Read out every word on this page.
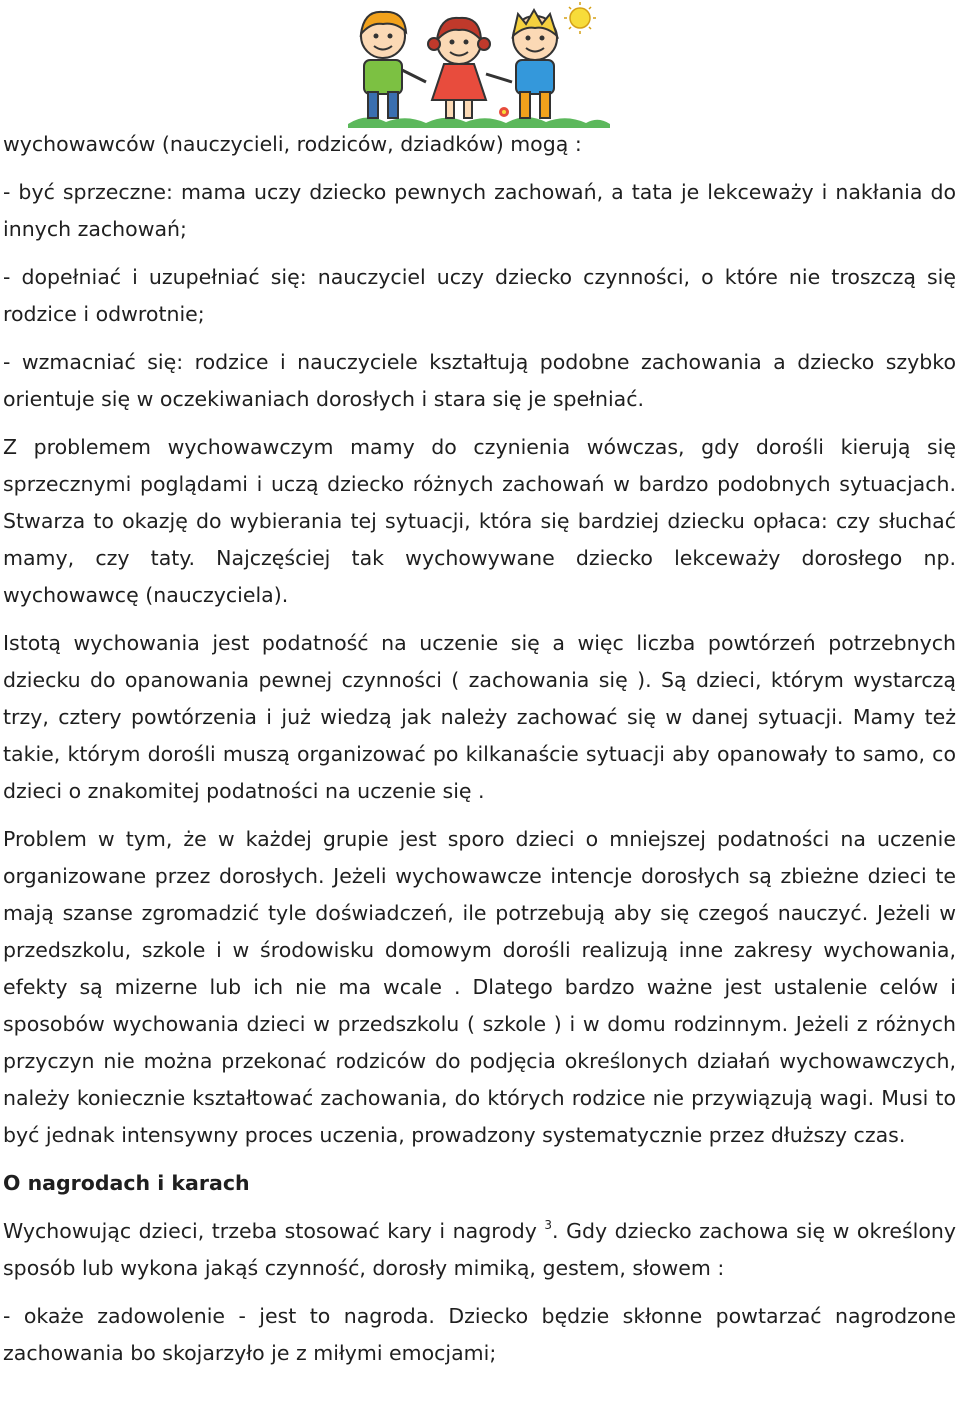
wychowawców (nauczycieli, rodziców, dziadków) mogą :

- być sprzeczne: mama uczy dziecko pewnych zachowań, a tata je lekceważy i nakłania do innych zachowań;

- dopełniać i uzupełniać się: nauczyciel uczy dziecko czynności, o które nie troszczą się rodzice i odwrotnie;

- wzmacniać się: rodzice i nauczyciele kształtują podobne zachowania a dziecko szybko orientuje się w oczekiwaniach dorosłych i stara się je spełniać.

Z problemem wychowawczym mamy do czynienia wówczas, gdy dorośli kierują się sprzecznymi poglądami i uczą dziecko różnych zachowań w bardzo podobnych sytuacjach. Stwarza to okazję do wybierania tej sytuacji, która się bardziej dziecku opłaca: czy słuchać mamy, czy taty. Najczęściej tak wychowywane dziecko lekceważy dorosłego np. wychowawcę (nauczyciela).

Istotą wychowania jest podatność na uczenie się a więc liczba powtórzeń potrzebnych dziecku do opanowania pewnej czynności ( zachowania się ). Są dzieci, którym wystarczą trzy, cztery powtórzenia i już wiedzą jak należy zachować się w danej sytuacji. Mamy też takie, którym dorośli muszą organizować po kilkanaście sytuacji aby opanowały to samo, co dzieci o znakomitej podatności na uczenie się .

Problem w tym, że w każdej grupie jest sporo dzieci o mniejszej podatności na uczenie organizowane przez dorosłych. Jeżeli wychowawcze intencje dorosłych są zbieżne dzieci te mają szanse zgromadzić tyle doświadczeń, ile potrzebują aby się czegoś nauczyć. Jeżeli w przedszkolu, szkole i w środowisku domowym dorośli realizują inne zakresy wychowania, efekty są mizerne lub ich nie ma wcale . Dlatego bardzo ważne jest ustalenie celów i sposobów wychowania dzieci w przedszkolu ( szkole ) i w domu rodzinnym. Jeżeli z różnych przyczyn nie można przekonać rodziców do podjęcia określonych działań wychowawczych, należy koniecznie kształtować zachowania, do których rodzice nie przywiązują wagi. Musi to być jednak intensywny proces uczenia, prowadzony systematycznie przez dłuższy czas.

O nagrodach i karach

Wychowując dzieci, trzeba stosować kary i nagrody $^3$. Gdy dziecko zachowa się w określony sposób lub wykona jakąś czynność, dorosły mimiką, gestem, słowem :

- okaże zadowolenie - jest to nagroda. Dziecko będzie skłonne powtarzać nagrodzone zachowania bo skojarzyło je z miłymi emocjami;
